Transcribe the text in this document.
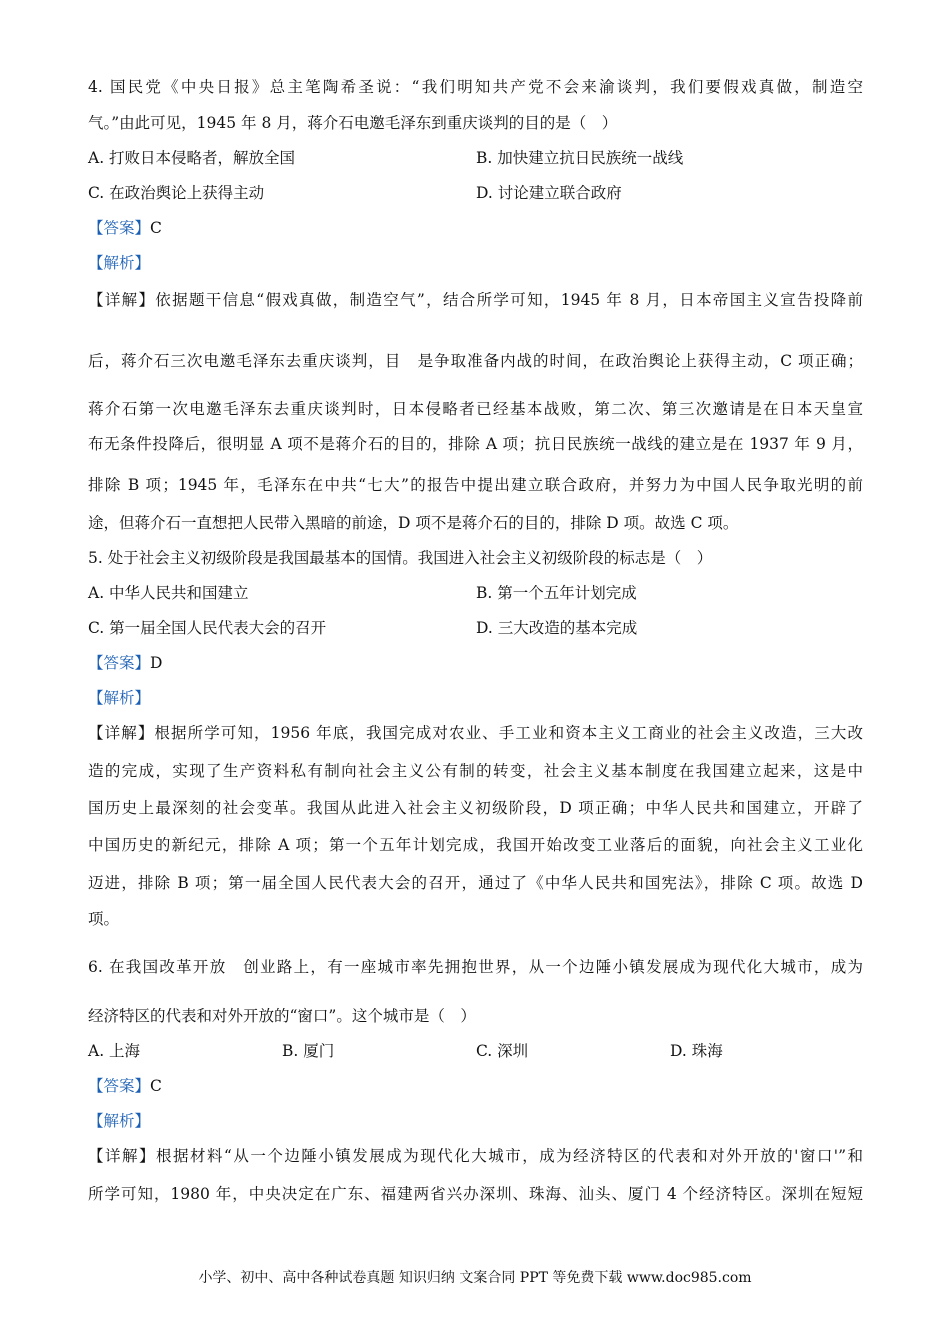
4. 国民党《中央日报》总主笔陶希圣说：“我们明知共产党不会来渝谈判，我们要假戏真做，制造空
气。”由此可见，1945 年 8 月，蒋介石电邀毛泽东到重庆谈判的目的是（　）
A. 打败日本侵略者，解放全国	B. 加快建立抗日民族统一战线
C. 在政治舆论上获得主动	D. 讨论建立联合政府
【答案】C
【解析】
【详解】依据题干信息“假戏真做，制造空气”，结合所学可知，1945 年 8 月，日本帝国主义宣告投降前
后，蒋介石三次电邀毛泽东去重庆谈判，目　是争取准备内战的时间，在政治舆论上获得主动，C 项正确；
蒋介石第一次电邀毛泽东去重庆谈判时，日本侵略者已经基本战败，第二次、第三次邀请是在日本天皇宣
布无条件投降后，很明显 A 项不是蒋介石的目的，排除 A 项；抗日民族统一战线的建立是在 1937 年 9 月，
排除 B 项；1945 年，毛泽东在中共“七大”的报告中提出建立联合政府，并努力为中国人民争取光明的前
途，但蒋介石一直想把人民带入黑暗的前途，D 项不是蒋介石的目的，排除 D 项。故选 C 项。
5. 处于社会主义初级阶段是我国最基本的国情。我国进入社会主义初级阶段的标志是（　）
A. 中华人民共和国建立	B. 第一个五年计划完成
C. 第一届全国人民代表大会的召开	D. 三大改造的基本完成
【答案】D
【解析】
【详解】根据所学可知，1956 年底，我国完成对农业、手工业和资本主义工商业的社会主义改造，三大改
造的完成，实现了生产资料私有制向社会主义公有制的转变，社会主义基本制度在我国建立起来，这是中
国历史上最深刻的社会变革。我国从此进入社会主义初级阶段，D 项正确；中华人民共和国建立，开辟了
中国历史的新纪元，排除 A 项；第一个五年计划完成，我国开始改变工业落后的面貌，向社会主义工业化
迈进，排除 B 项；第一届全国人民代表大会的召开，通过了《中华人民共和国宪法》，排除 C 项。故选 D
项。
6. 在我国改革开放　创业路上，有一座城市率先拥抱世界，从一个边陲小镇发展成为现代化大城市，成为
经济特区的代表和对外开放的“窗口”。这个城市是（　）
A. 上海	B. 厦门	C. 深圳	D. 珠海
【答案】C
【解析】
【详解】根据材料“从一个边陲小镇发展成为现代化大城市，成为经济特区的代表和对外开放的'窗口'”和
所学可知，1980 年，中央决定在广东、福建两省兴办深圳、珠海、汕头、厦门 4 个经济特区。深圳在短短
小学、初中、高中各种试卷真题 知识归纳 文案合同 PPT 等免费下载 www.doc985.com
